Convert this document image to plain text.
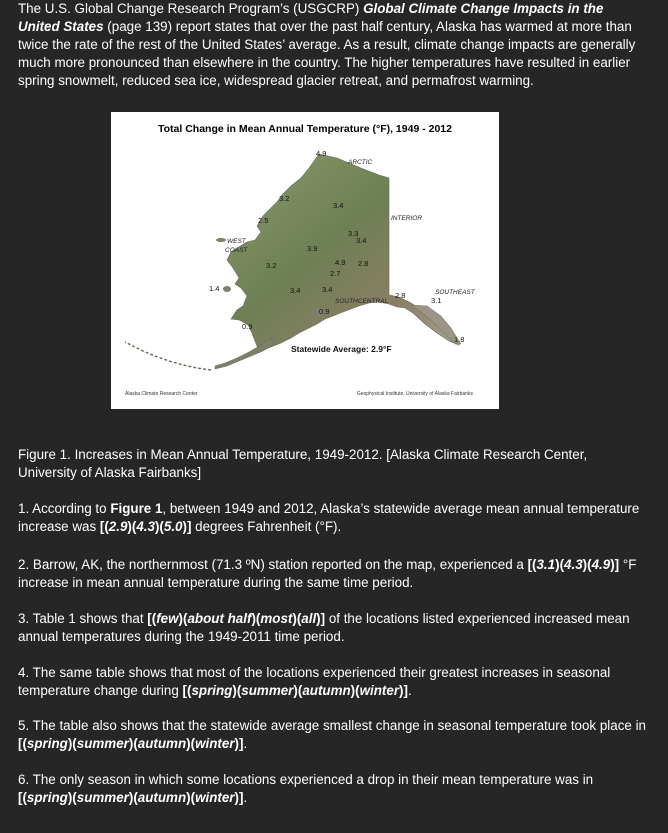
The U.S. Global Change Research Program’s (USGCRP) Global Climate Change Impacts in the United States (page 139) report states that over the past half century, Alaska has warmed at more than twice the rate of the rest of the United States’ average. As a result, climate change impacts are generally much more pronounced than elsewhere in the country. The higher temperatures have resulted in earlier spring snowmelt, reduced sea ice, widespread glacier retreat, and permafrost warming.

Total Change in Mean Annual Temperature (°F), 1949 - 2012
ARCTIC
INTERIOR
WEST
COAST
SOUTHCENTRAL
SOUTHEAST
4.9
3.2
3.4
2.5
3.3
3.4
3.9
4.9 2.8
2.7
3.2
1.4	3.4	3.4
0.9
2.8
3.1
0.9
1.8
Statewide Average: 2.9°F
Alaska Climate Research Center	Geophysical Institute, University of Alaska Fairbanks

Figure 1. Increases in Mean Annual Temperature, 1949-2012. [Alaska Climate Research Center, University of Alaska Fairbanks]

1. According to Figure 1, between 1949 and 2012, Alaska’s statewide average mean annual temperature increase was [(2.9)(4.3)(5.0)] degrees Fahrenheit (°F).

2. Barrow, AK, the northernmost (71.3 ºN) station reported on the map, experienced a [(3.1)(4.3)(4.9)] °F increase in mean annual temperature during the same time period.

3. Table 1 shows that [(few)(about half)(most)(all)] of the locations listed experienced increased mean annual temperatures during the 1949-2011 time period.

4. The same table shows that most of the locations experienced their greatest increases in seasonal temperature change during [(spring)(summer)(autumn)(winter)].

5. The table also shows that the statewide average smallest change in seasonal temperature took place in [(spring)(summer)(autumn)(winter)].

6. The only season in which some locations experienced a drop in their mean temperature was in [(spring)(summer)(autumn)(winter)].
